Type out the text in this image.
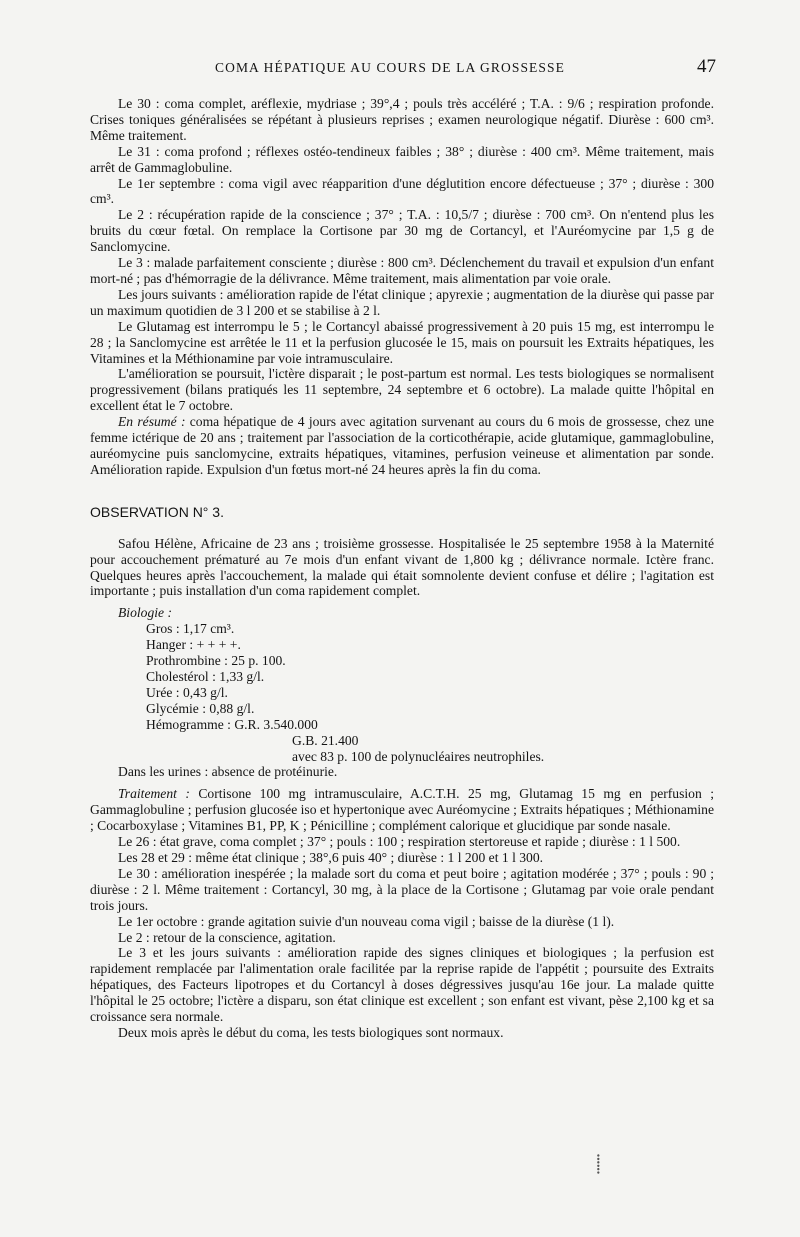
COMA HÉPATIQUE AU COURS DE LA GROSSESSE	47

Le 30 : coma complet, aréflexie, mydriase ; 39°,4 ; pouls très accéléré ; T.A. : 9/6 ; respiration profonde. Crises toniques généralisées se répétant à plusieurs reprises ; examen neurologique négatif. Diurèse : 600 cm³. Même traitement.

Le 31 : coma profond ; réflexes ostéo-tendineux faibles ; 38° ; diurèse : 400 cm³. Même traitement, mais arrêt de Gammaglobuline.

Le 1er septembre : coma vigil avec réapparition d'une déglutition encore défectueuse ; 37° ; diurèse : 300 cm³.

Le 2 : récupération rapide de la conscience ; 37° ; T.A. : 10,5/7 ; diurèse : 700 cm³. On n'entend plus les bruits du cœur fœtal. On remplace la Cortisone par 30 mg de Cortancyl, et l'Auréomycine par 1,5 g de Sanclomycine.

Le 3 : malade parfaitement consciente ; diurèse : 800 cm³. Déclenchement du travail et expulsion d'un enfant mort-né ; pas d'hémorragie de la délivrance. Même traitement, mais alimentation par voie orale.

Les jours suivants : amélioration rapide de l'état clinique ; apyrexie ; augmentation de la diurèse qui passe par un maximum quotidien de 3 l 200 et se stabilise à 2 l.

Le Glutamag est interrompu le 5 ; le Cortancyl abaissé progressivement à 20 puis 15 mg, est interrompu le 28 ; la Sanclomycine est arrêtée le 11 et la perfusion glucosée le 15, mais on poursuit les Extraits hépatiques, les Vitamines et la Méthionamine par voie intramusculaire.

L'amélioration se poursuit, l'ictère disparait ; le post-partum est normal. Les tests biologiques se normalisent progressivement (bilans pratiqués les 11 septembre, 24 septembre et 6 octobre). La malade quitte l'hôpital en excellent état le 7 octobre.

En résumé : coma hépatique de 4 jours avec agitation survenant au cours du 6 mois de grossesse, chez une femme ictérique de 20 ans ; traitement par l'association de la corticothérapie, acide glutamique, gammaglobuline, auréomycine puis sanclomycine, extraits hépatiques, vitamines, perfusion veineuse et alimentation par sonde. Amélioration rapide. Expulsion d'un fœtus mort-né 24 heures après la fin du coma.

OBSERVATION N° 3.

Safou Hélène, Africaine de 23 ans ; troisième grossesse. Hospitalisée le 25 septembre 1958 à la Maternité pour accouchement prématuré au 7e mois d'un enfant vivant de 1,800 kg ; délivrance normale. Ictère franc. Quelques heures après l'accouchement, la malade qui était somnolente devient confuse et délire ; l'agitation est importante ; puis installation d'un coma rapidement complet.

Biologie :
Gros : 1,17 cm³.
Hanger : + + + +.
Prothrombine : 25 p. 100.
Cholestérol : 1,33 g/l.
Urée : 0,43 g/l.
Glycémie : 0,88 g/l.
Hémogramme : G.R. 3.540.000
G.B. 21.400
avec 83 p. 100 de polynucléaires neutrophiles.
Dans les urines : absence de protéinurie.

Traitement : Cortisone 100 mg intramusculaire, A.C.T.H. 25 mg, Glutamag 15 mg en perfusion ; Gammaglobuline ; perfusion glucosée iso et hypertonique avec Auréomycine ; Extraits hépatiques ; Méthionamine ; Cocarboxylase ; Vitamines B1, PP, K ; Pénicilline ; complément calorique et glucidique par sonde nasale.

Le 26 : état grave, coma complet ; 37° ; pouls : 100 ; respiration stertoreuse et rapide ; diurèse : 1 l 500.

Les 28 et 29 : même état clinique ; 38°,6 puis 40° ; diurèse : 1 l 200 et 1 l 300.

Le 30 : amélioration inespérée ; la malade sort du coma et peut boire ; agitation modérée ; 37° ; pouls : 90 ; diurèse : 2 l. Même traitement : Cortancyl, 30 mg, à la place de la Cortisone ; Glutamag par voie orale pendant trois jours.

Le 1er octobre : grande agitation suivie d'un nouveau coma vigil ; baisse de la diurèse (1 l).

Le 2 : retour de la conscience, agitation.

Le 3 et les jours suivants : amélioration rapide des signes cliniques et biologiques ; la perfusion est rapidement remplacée par l'alimentation orale facilitée par la reprise rapide de l'appétit ; poursuite des Extraits hépatiques, des Facteurs lipotropes et du Cortancyl à doses dégressives jusqu'au 16e jour. La malade quitte l'hôpital le 25 octobre; l'ictère a disparu, son état clinique est excellent ; son enfant est vivant, pèse 2,100 kg et sa croissance sera normale.

Deux mois après le début du coma, les tests biologiques sont normaux.

⸽
